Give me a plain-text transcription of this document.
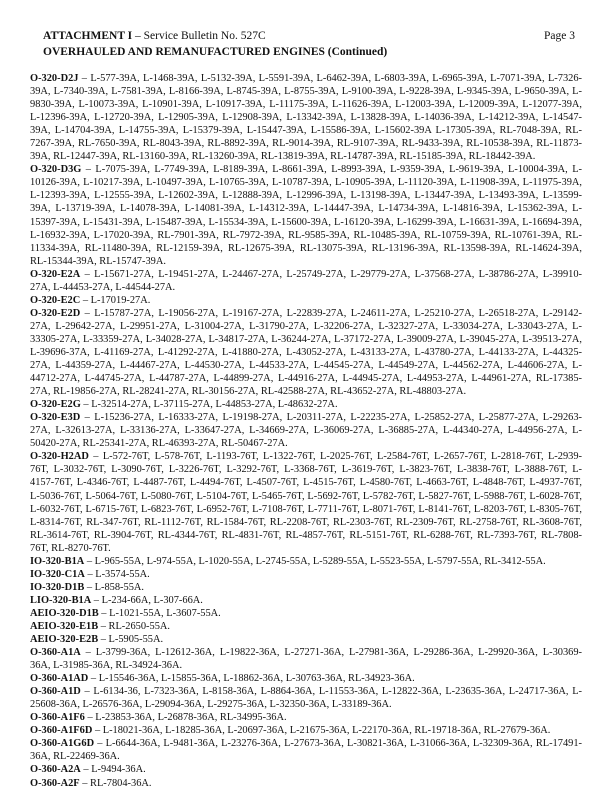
ATTACHMENT I – Service Bulletin No. 527C	Page 3
OVERHAULED AND REMANUFACTURED ENGINES (Continued)

O-320-D2J – L-577-39A, L-1468-39A, L-5132-39A, L-5591-39A, L-6462-39A, L-6803-39A, L-6965-39A, L-7071-39A, L-7326-39A, L-7340-39A, L-7581-39A, L-8166-39A, L-8745-39A, L-8755-39A, L-9100-39A, L-9228-39A, L-9345-39A, L-9650-39A, L-9830-39A, L-10073-39A, L-10901-39A, L-10917-39A, L-11175-39A, L-11626-39A, L-12003-39A, L-12009-39A, L-12077-39A, L-12396-39A, L-12720-39A, L-12905-39A, L-12908-39A, L-13342-39A, L-13828-39A, L-14036-39A, L-14212-39A, L-14547-39A, L-14704-39A, L-14755-39A, L-15379-39A, L-15447-39A, L-15586-39A, L-15602-39A L-17305-39A, RL-7048-39A, RL-7267-39A, RL-7650-39A, RL-8043-39A, RL-8892-39A, RL-9014-39A, RL-9107-39A, RL-9433-39A, RL-10538-39A, RL-11873-39A, RL-12447-39A, RL-13160-39A, RL-13260-39A, RL-13819-39A, RL-14787-39A, RL-15185-39A, RL-18442-39A.

O-320-D3G – L-7075-39A, L-7749-39A, L-8189-39A, L-8661-39A, L-8993-39A, L-9359-39A, L-9619-39A, L-10004-39A, L-10126-39A, L-10217-39A, L-10497-39A, L-10765-39A, L-10787-39A, L-10905-39A, L-11120-39A, L-11908-39A, L-11975-39A, L-12393-39A, L-12555-39A, L-12602-39A, L-12888-39A, L-12996-39A, L-13198-39A, L-13447-39A, L-13493-39A, L-13599-39A, L-13719-39A, L-14078-39A, L-14081-39A, L-14312-39A, L-14447-39A, L-14734-39A, L-14816-39A, L-15362-39A, L-15397-39A, L-15431-39A, L-15487-39A, L-15534-39A, L-15600-39A, L-16120-39A, L-16299-39A, L-16631-39A, L-16694-39A, L-16932-39A, L-17020-39A, RL-7901-39A, RL-7972-39A, RL-9585-39A, RL-10485-39A, RL-10759-39A, RL-10761-39A, RL-11334-39A, RL-11480-39A, RL-12159-39A, RL-12675-39A, RL-13075-39A, RL-13196-39A, RL-13598-39A, RL-14624-39A, RL-15344-39A, RL-15747-39A.

O-320-E2A – L-15671-27A, L-19451-27A, L-24467-27A, L-25749-27A, L-29779-27A, L-37568-27A, L-38786-27A, L-39910-27A, L-44453-27A, L-44544-27A.

O-320-E2C – L-17019-27A.

O-320-E2D – L-15787-27A, L-19056-27A, L-19167-27A, L-22839-27A, L-24611-27A, L-25210-27A, L-26518-27A, L-29142-27A, L-29642-27A, L-29951-27A, L-31004-27A, L-31790-27A, L-32206-27A, L-32327-27A, L-33034-27A, L-33043-27A, L-33305-27A, L-33359-27A, L-34028-27A, L-34817-27A, L-36244-27A, L-37172-27A, L-39009-27A, L-39045-27A, L-39513-27A, L-39696-37A, L-41169-27A, L-41292-27A, L-41880-27A, L-43052-27A, L-43133-27A, L-43780-27A, L-44133-27A, L-44325-27A, L-44359-27A, L-44467-27A, L-44530-27A, L-44533-27A, L-44545-27A, L-44549-27A, L-44562-27A, L-44606-27A, L-44712-27A, L-44745-27A, L-44787-27A, L-44899-27A, L-44916-27A, L-44945-27A, L-44953-27A, L-44961-27A, RL-17385-27A, RL-19856-27A, RL-28241-27A, RL-30156-27A, RL-42588-27A, RL-43652-27A, RL-48803-27A.

O-320-E2G – L-32514-27A, L-37115-27A, L-44853-27A, L-48632-27A.

O-320-E3D – L-15236-27A, L-16333-27A, L-19198-27A, L-20311-27A, L-22235-27A, L-25852-27A, L-25877-27A, L-29263-27A, L-32613-27A, L-33136-27A, L-33647-27A, L-34669-27A, L-36069-27A, L-36885-27A, L-44340-27A, L-44956-27A, L-50420-27A, RL-25341-27A, RL-46393-27A, RL-50467-27A.

O-320-H2AD – L-572-76T, L-578-76T, L-1193-76T, L-1322-76T, L-2025-76T, L-2584-76T, L-2657-76T, L-2818-76T, L-2939-76T, L-3032-76T, L-3090-76T, L-3226-76T, L-3292-76T, L-3368-76T, L-3619-76T, L-3823-76T, L-3838-76T, L-3888-76T, L-4157-76T, L-4346-76T, L-4487-76T, L-4494-76T, L-4507-76T, L-4515-76T, L-4580-76T, L-4663-76T, L-4848-76T, L-4937-76T, L-5036-76T, L-5064-76T, L-5080-76T, L-5104-76T, L-5465-76T, L-5692-76T, L-5782-76T, L-5827-76T, L-5988-76T, L-6028-76T, L-6032-76T, L-6715-76T, L-6823-76T, L-6952-76T, L-7108-76T, L-7711-76T, L-8071-76T, L-8141-76T, L-8203-76T, L-8305-76T, L-8314-76T, RL-347-76T, RL-1112-76T, RL-1584-76T, RL-2208-76T, RL-2303-76T, RL-2309-76T, RL-2758-76T, RL-3608-76T, RL-3614-76T, RL-3904-76T, RL-4344-76T, RL-4831-76T, RL-4857-76T, RL-5151-76T, RL-6288-76T, RL-7393-76T, RL-7808-76T, RL-8270-76T.

IO-320-B1A – L-965-55A, L-974-55A, L-1020-55A, L-2745-55A, L-5289-55A, L-5523-55A, L-5797-55A, RL-3412-55A.

IO-320-C1A – L-3574-55A.

IO-320-D1B – L-858-55A.

LIO-320-B1A – L-234-66A, L-307-66A.

AEIO-320-D1B – L-1021-55A, L-3607-55A.

AEIO-320-E1B – RL-2650-55A.

AEIO-320-E2B – L-5905-55A.

O-360-A1A – L-3799-36A, L-12612-36A, L-19822-36A, L-27271-36A, L-27981-36A, L-29286-36A, L-29920-36A, L-30369-36A, L-31985-36A, RL-34924-36A.

O-360-A1AD – L-15546-36A, L-15855-36A, L-18862-36A, L-30763-36A, RL-34923-36A.

O-360-A1D – L-6134-36, L-7323-36A, L-8158-36A, L-8864-36A, L-11553-36A, L-12822-36A, L-23635-36A, L-24717-36A, L-25608-36A, L-26576-36A, L-29094-36A, L-29275-36A, L-32350-36A, L-33189-36A.

O-360-A1F6 – L-23853-36A, L-26878-36A, RL-34995-36A.

O-360-A1F6D – L-18021-36A, L-18285-36A, L-20697-36A, L-21675-36A, L-22170-36A, RL-19718-36A, RL-27679-36A.

O-360-A1G6D – L-6644-36A, L-9481-36A, L-23276-36A, L-27673-36A, L-30821-36A, L-31066-36A, L-32309-36A, RL-17491-36A, RL-22469-36A.

O-360-A2A – L-9494-36A.

O-360-A2F – RL-7804-36A.
